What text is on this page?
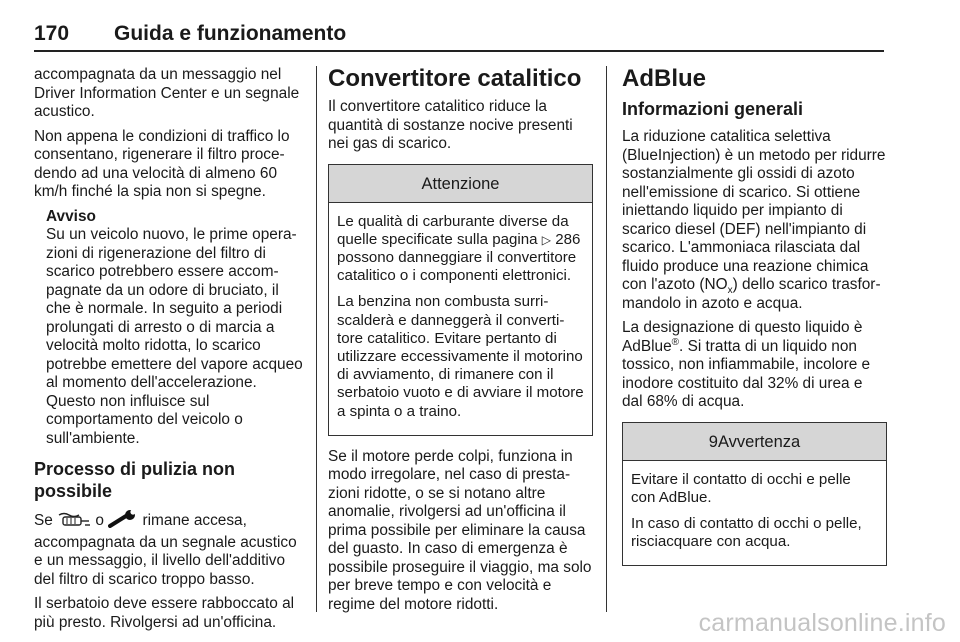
170 Guida e funzionamento

accompagnata da un messaggio nel Driver Information Center e un segnale acustico.

Non appena le condizioni di traffico lo consentano, rigenerare il filtro procedendo ad una velocità di almeno 60 km/h finché la spia non si spegne.

Avviso
Su un veicolo nuovo, le prime operazioni di rigenerazione del filtro di scarico potrebbero essere accompagnate da un odore di bruciato, il che è normale. In seguito a periodi prolungati di arresto o di marcia a velocità molto ridotta, lo scarico potrebbe emettere del vapore acqueo al momento dell'accelerazione. Questo non influisce sul comportamento del veicolo o sull'ambiente.
Processo di pulizia non possibile

Se	o	rimane accesa, accompagnata da un segnale acustico e un messaggio, il livello dell'additivo del filtro di scarico troppo basso.

Il serbatoio deve essere rabboccato al più presto. Rivolgersi ad un'officina.

Convertitore catalitico

Il convertitore catalitico riduce la quantità di sostanze nocive presenti nei gas di scarico.

Attenzione

Le qualità di carburante diverse da quelle specificate sulla pagina ▷ 286 possono danneggiare il convertitore catalitico o i componenti elettronici.

La benzina non combusta surriscalderà e danneggerà il convertitore catalitico. Evitare pertanto di utilizzare eccessivamente il motorino di avviamento, di rimanere con il serbatoio vuoto e di avviare il motore a spinta o a traino.

Se il motore perde colpi, funziona in modo irregolare, nel caso di prestazioni ridotte, o se si notano altre anomalie, rivolgersi ad un'officina il prima possibile per eliminare la causa del guasto. In caso di emergenza è possibile proseguire il viaggio, ma solo per breve tempo e con velocità e regime del motore ridotti.

AdBlue
Informazioni generali

La riduzione catalitica selettiva (BlueInjection) è un metodo per ridurre sostanzialmente gli ossidi di azoto nell'emissione di scarico. Si ottiene iniettando liquido per impianto di scarico diesel (DEF) nell'impianto di scarico. L'ammoniaca rilasciata dal fluido produce una reazione chimica con l'azoto $(NO_x)$ dello scarico trasformandolo in azoto e acqua.

La designazione di questo liquido è AdBlue®. Si tratta di un liquido non tossico, non infiammabile, incolore e inodore costituito dal 32% di urea e dal 68% di acqua.

9Avvertenza

Evitare il contatto di occhi e pelle con AdBlue.

In caso di contatto di occhi o pelle, risciacquare con acqua.

carmanualsonline.info
